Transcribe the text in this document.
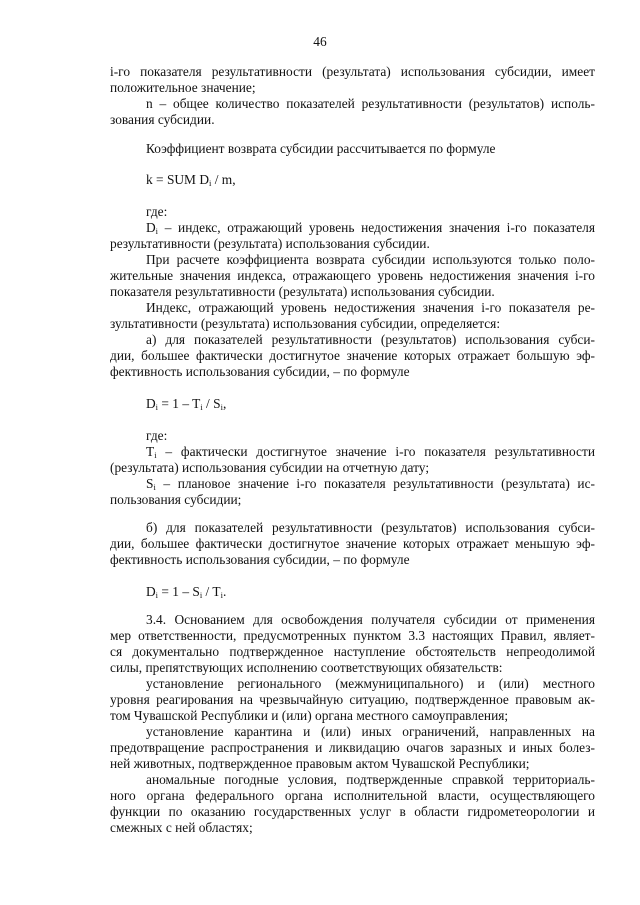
46
i-го показателя результативности (результата) использования субсидии, имеет
положительное значение;
n – общее количество показателей результативности (результатов) исполь-
зования субсидии.
Коэффициент возврата субсидии рассчитывается по формуле
k = SUM $D_i$ / m,
где:
$D_i$ – индекс, отражающий уровень недостижения значения i-го показателя
результативности (результата) использования субсидии.
При расчете коэффициента возврата субсидии используются только поло-
жительные значения индекса, отражающего уровень недостижения значения i-го
показателя результативности (результата) использования субсидии.
Индекс, отражающий уровень недостижения значения i-го показателя ре-
зультативности (результата) использования субсидии, определяется:
а) для показателей результативности (результатов) использования субси-
дии, большее фактически достигнутое значение которых отражает большую эф-
фективность использования субсидии, – по формуле
$D_i = 1 - T_i / S_i$,
где:
$T_i$ – фактически достигнутое значение i-го показателя результативности
(результата) использования субсидии на отчетную дату;
$S_i$ – плановое значение i-го показателя результативности (результата) ис-
пользования субсидии;
б) для показателей результативности (результатов) использования субси-
дии, большее фактически достигнутое значение которых отражает меньшую эф-
фективность использования субсидии, – по формуле
$D_i = 1 - S_i / T_i$.
3.4. Основанием для освобождения получателя субсидии от применения
мер ответственности, предусмотренных пунктом 3.3 настоящих Правил, являет-
ся документально подтвержденное наступление обстоятельств непреодолимой
силы, препятствующих исполнению соответствующих обязательств:
установление регионального (межмуниципального) и (или) местного
уровня реагирования на чрезвычайную ситуацию, подтвержденное правовым ак-
том Чувашской Республики и (или) органа местного самоуправления;
установление карантина и (или) иных ограничений, направленных на
предотвращение распространения и ликвидацию очагов заразных и иных болез-
ней животных, подтвержденное правовым актом Чувашской Республики;
аномальные погодные условия, подтвержденные справкой территориаль-
ного органа федерального органа исполнительной власти, осуществляющего
функции по оказанию государственных услуг в области гидрометеорологии и
смежных с ней областях;
